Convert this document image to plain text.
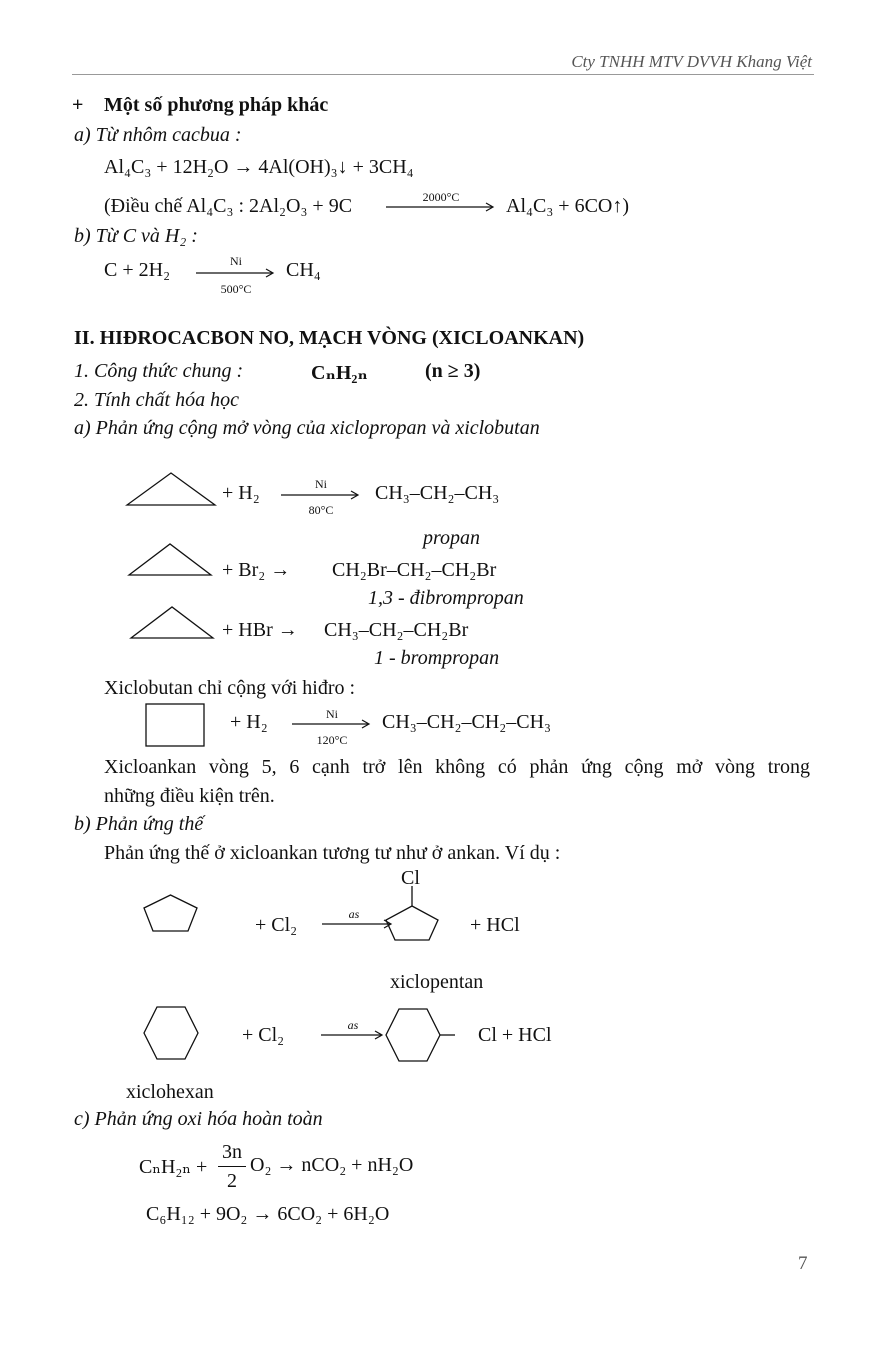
Cty TNHH MTV DVVH Khang Việt
+ Một số phương pháp khác
a) Từ nhôm cacbua :
Al₄C₃ + 12H₂O → 4Al(OH)₃↓ + 3CH₄
(Điều chế Al₄C₃ : 2Al₂O₃ + 9C	2000°C	Al₄C₃ + 6CO↑)
b) Từ C và H₂ :
C + 2H₂	Ni
500°C
CH₄
II. HIĐROCACBON NO, MẠCH VÒNG (XICLOANKAN)
1. Công thức chung :	CₙH₂ₙ	(n ≥ 3)
2. Tính chất hóa học
a) Phản ứng cộng mở vòng của xiclopropan và xiclobutan
+ H₂	Ni
80°C
CH₃–CH₂–CH₃
propan
+ Br₂ → CH₂Br–CH₂–CH₂Br
1,3 - đibrompropan
+ HBr → CH₃–CH₂–CH₂Br
1 - brompropan
Xiclobutan chỉ cộng với hiđro :
+ H₂	Ni
120°C
CH₃–CH₂–CH₂–CH₃
Xicloankan vòng 5, 6 cạnh trở lên không có phản ứng cộng mở vòng trong
những điều kiện trên.
b) Phản ứng thế
Phản ứng thế ở xicloankan tương tư như ở ankan. Ví dụ :
+ Cl₂	as
Cl
+ HCl
xiclopentan
+ Cl₂	as	Cl + HCl
xiclohexan
c) Phản ứng oxi hóa hoàn toàn
CₙH₂ₙ +
3n
2
O₂ → nCO₂ + nH₂O
C₆H₁₂ + 9O₂ → 6CO₂ + 6H₂O
7
